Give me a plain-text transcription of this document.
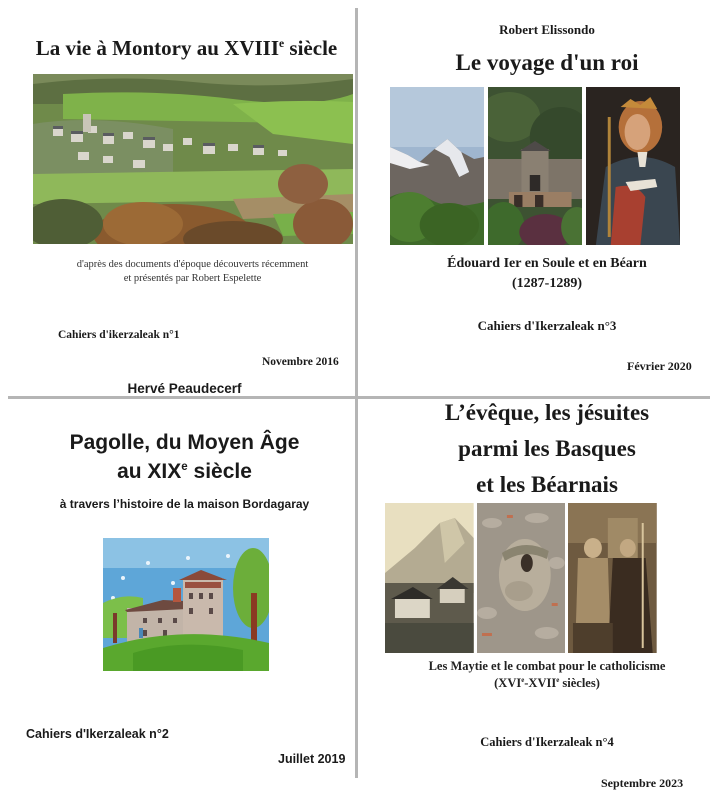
La vie à Montory au XVIIIe siècle
d'après des documents d'époque découverts récemment
et présentés par Robert Espelette
Cahiers d'ikerzaleak n°1
Novembre 2016
Hervé Peaudecerf
Robert Elissondo
Le voyage d'un roi
Édouard Ier en Soule et en Béarn
(1287-1289)
Cahiers d'Ikerzaleak n°3
Février 2020
Pagolle, du Moyen Âge
au XIXe siècle
à travers l’histoire de la maison Bordagaray
Cahiers d'Ikerzaleak n°2
Juillet 2019
L’évêque, les jésuites
parmi les Basques
et les Béarnais
Les Maytie et le combat pour le catholicisme
(XVIe-XVIIe siècles)
Cahiers d'Ikerzaleak n°4
Septembre 2023
